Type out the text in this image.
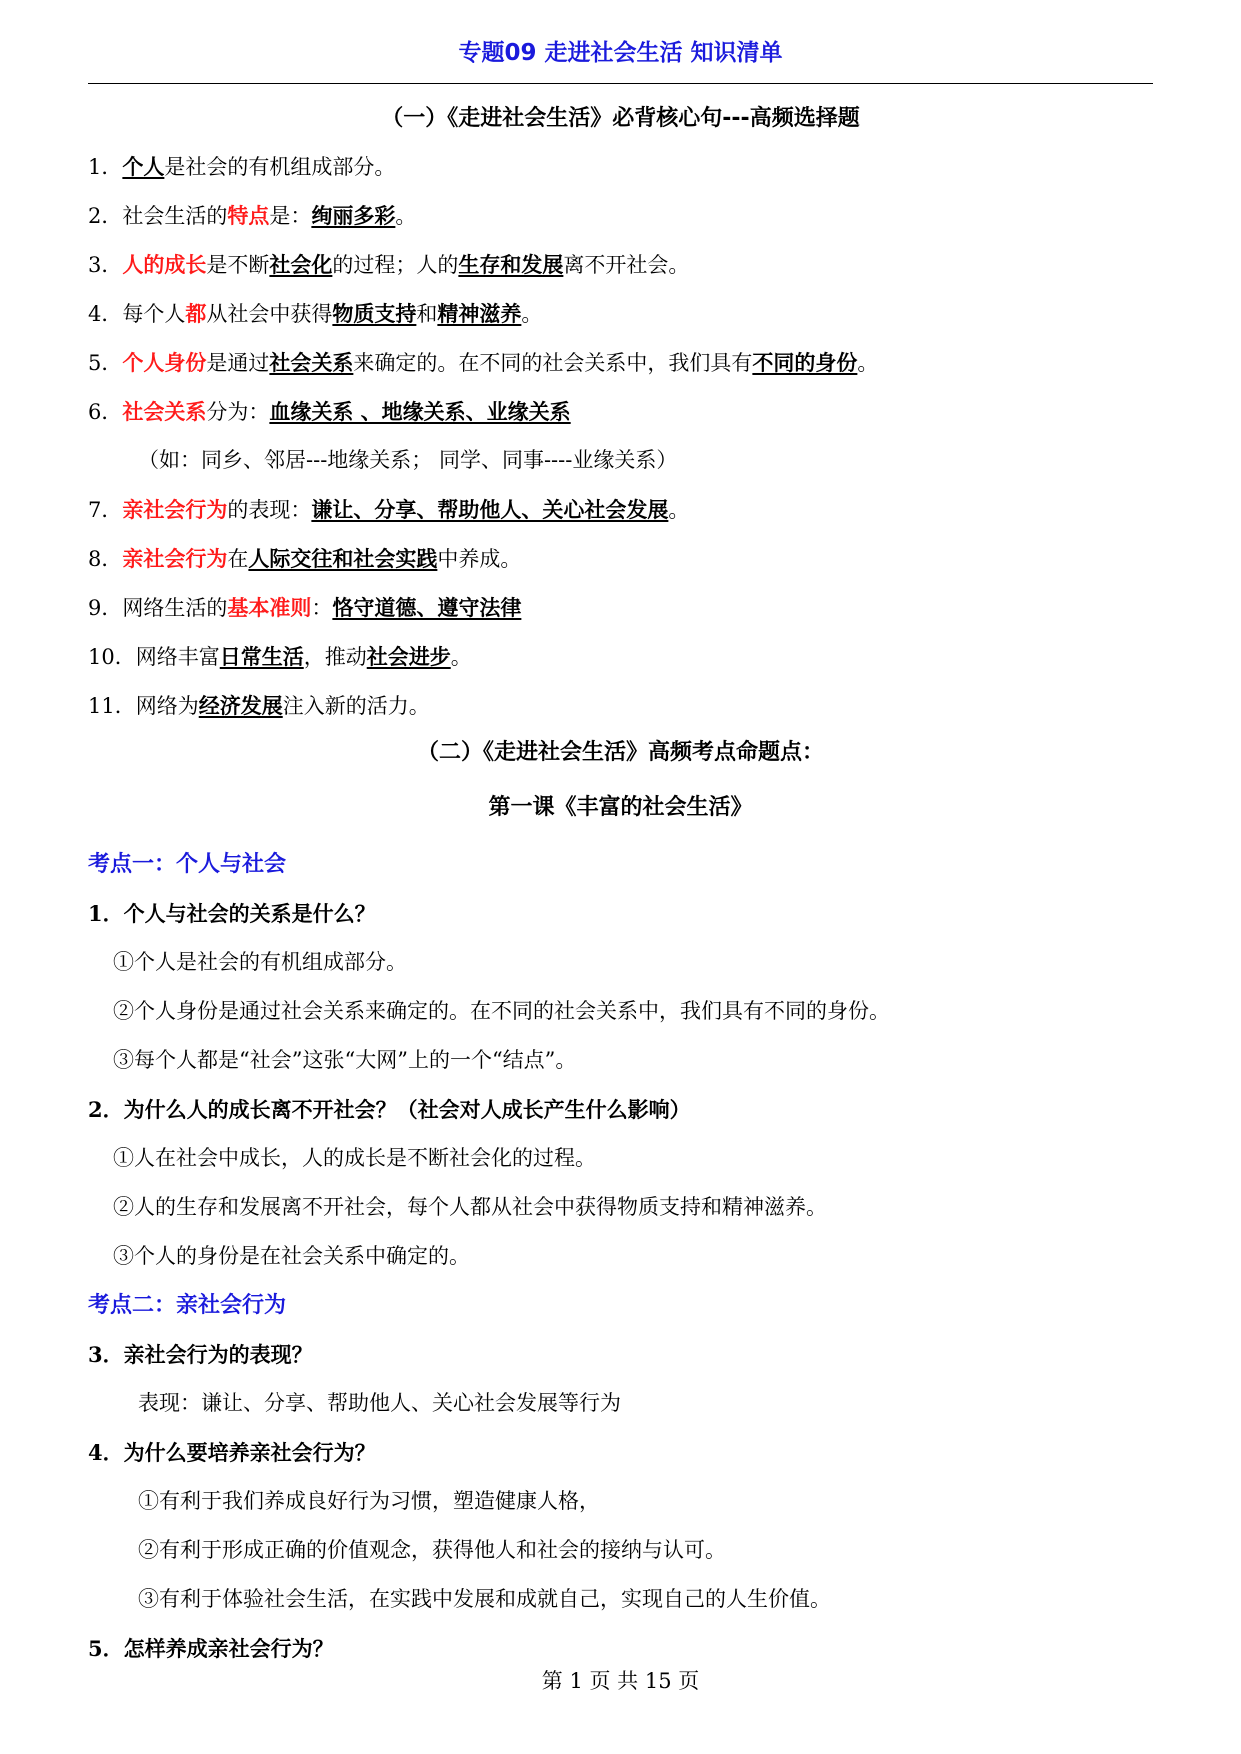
专题09 走进社会生活 知识清单
（一）《走进社会生活》必背核心句---高频选择题
1．个人是社会的有机组成部分。
2．社会生活的特点是：绚丽多彩。
3．人的成长是不断社会化的过程；人的生存和发展离不开社会。
4．每个人都从社会中获得物质支持和精神滋养。
5．个人身份是通过社会关系来确定的。在不同的社会关系中，我们具有不同的身份。
6．社会关系分为：血缘关系 、地缘关系、业缘关系
（如：同乡、邻居---地缘关系； 同学、同事----业缘关系）
7．亲社会行为的表现：谦让、分享、帮助他人、关心社会发展。
8．亲社会行为在人际交往和社会实践中养成。
9．网络生活的基本准则：恪守道德、遵守法律
10．网络丰富日常生活，推动社会进步。
11．网络为经济发展注入新的活力。
（二）《走进社会生活》高频考点命题点：
第一课《丰富的社会生活》
考点一：个人与社会
1．个人与社会的关系是什么？
①个人是社会的有机组成部分。
②个人身份是通过社会关系来确定的。在不同的社会关系中，我们具有不同的身份。
③每个人都是“社会”这张“大网”上的一个“结点”。
2．为什么人的成长离不开社会？（社会对人成长产生什么影响）
①人在社会中成长，人的成长是不断社会化的过程。
②人的生存和发展离不开社会，每个人都从社会中获得物质支持和精神滋养。
③个人的身份是在社会关系中确定的。
考点二：亲社会行为
3．亲社会行为的表现？
表现：谦让、分享、帮助他人、关心社会发展等行为
4．为什么要培养亲社会行为？
①有利于我们养成良好行为习惯，塑造健康人格，
②有利于形成正确的价值观念，获得他人和社会的接纳与认可。
③有利于体验社会生活，在实践中发展和成就自己，实现自己的人生价值。
5．怎样养成亲社会行为？
第 1 页 共 15 页
